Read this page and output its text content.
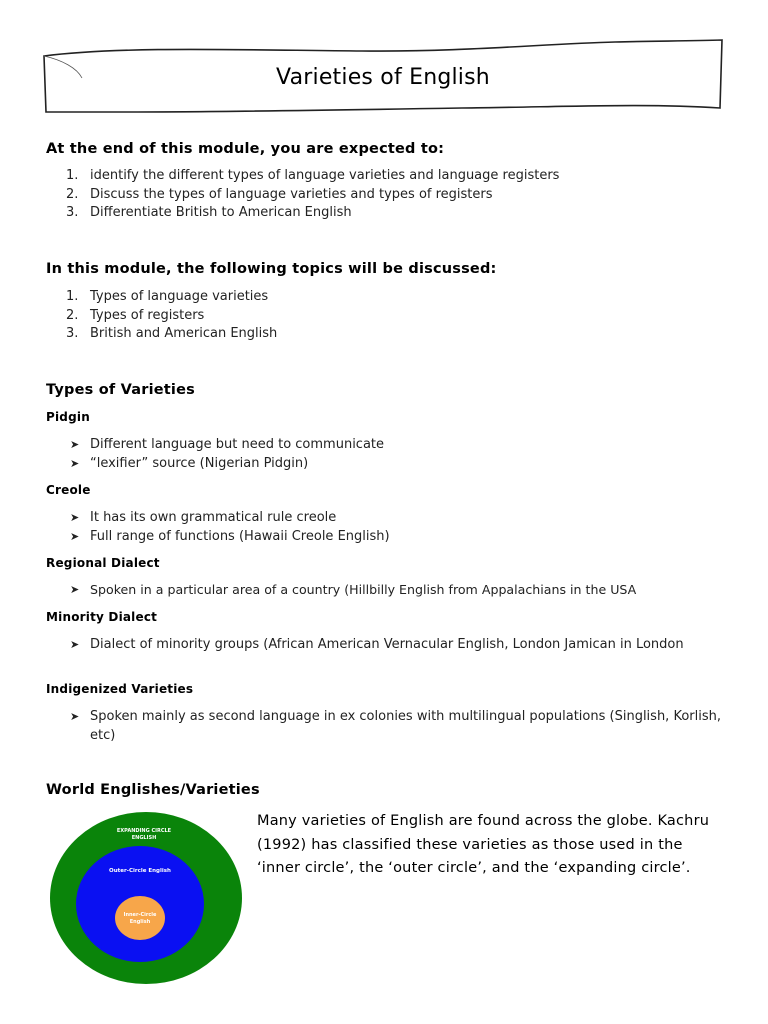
Varieties of English
At the end of this module, you are expected to:
1. identify the different types of language varieties and language registers
2. Discuss the types of language varieties and types of registers
3. Differentiate British to American English
In this module, the following topics will be discussed:
1. Types of language varieties
2. Types of registers
3. British and American English
Types of Varieties
Pidgin
➤ Different language but need to communicate
➤ “lexifier” source (Nigerian Pidgin)
Creole
➤ It has its own grammatical rule creole
➤ Full range of functions (Hawaii Creole English)
Regional Dialect
➤ Spoken in a particular area of a country (Hillbilly English from Appalachians in the USA
Minority Dialect
➤ Dialect of minority groups (African American Vernacular English, London Jamican in London
Indigenized Varieties
➤ Spoken mainly as second language in ex colonies with multilingual populations (Singlish, Korlish, etc)
World Englishes/Varieties
EXPANDING CIRCLE
ENGLISH
Outer-Circle English
Inner-Circle
English
Many varieties of English are found across the globe. Kachru (1992) has classified these varieties as those used in the ‘inner circle’, the ‘outer circle’, and the ‘expanding circle’.
